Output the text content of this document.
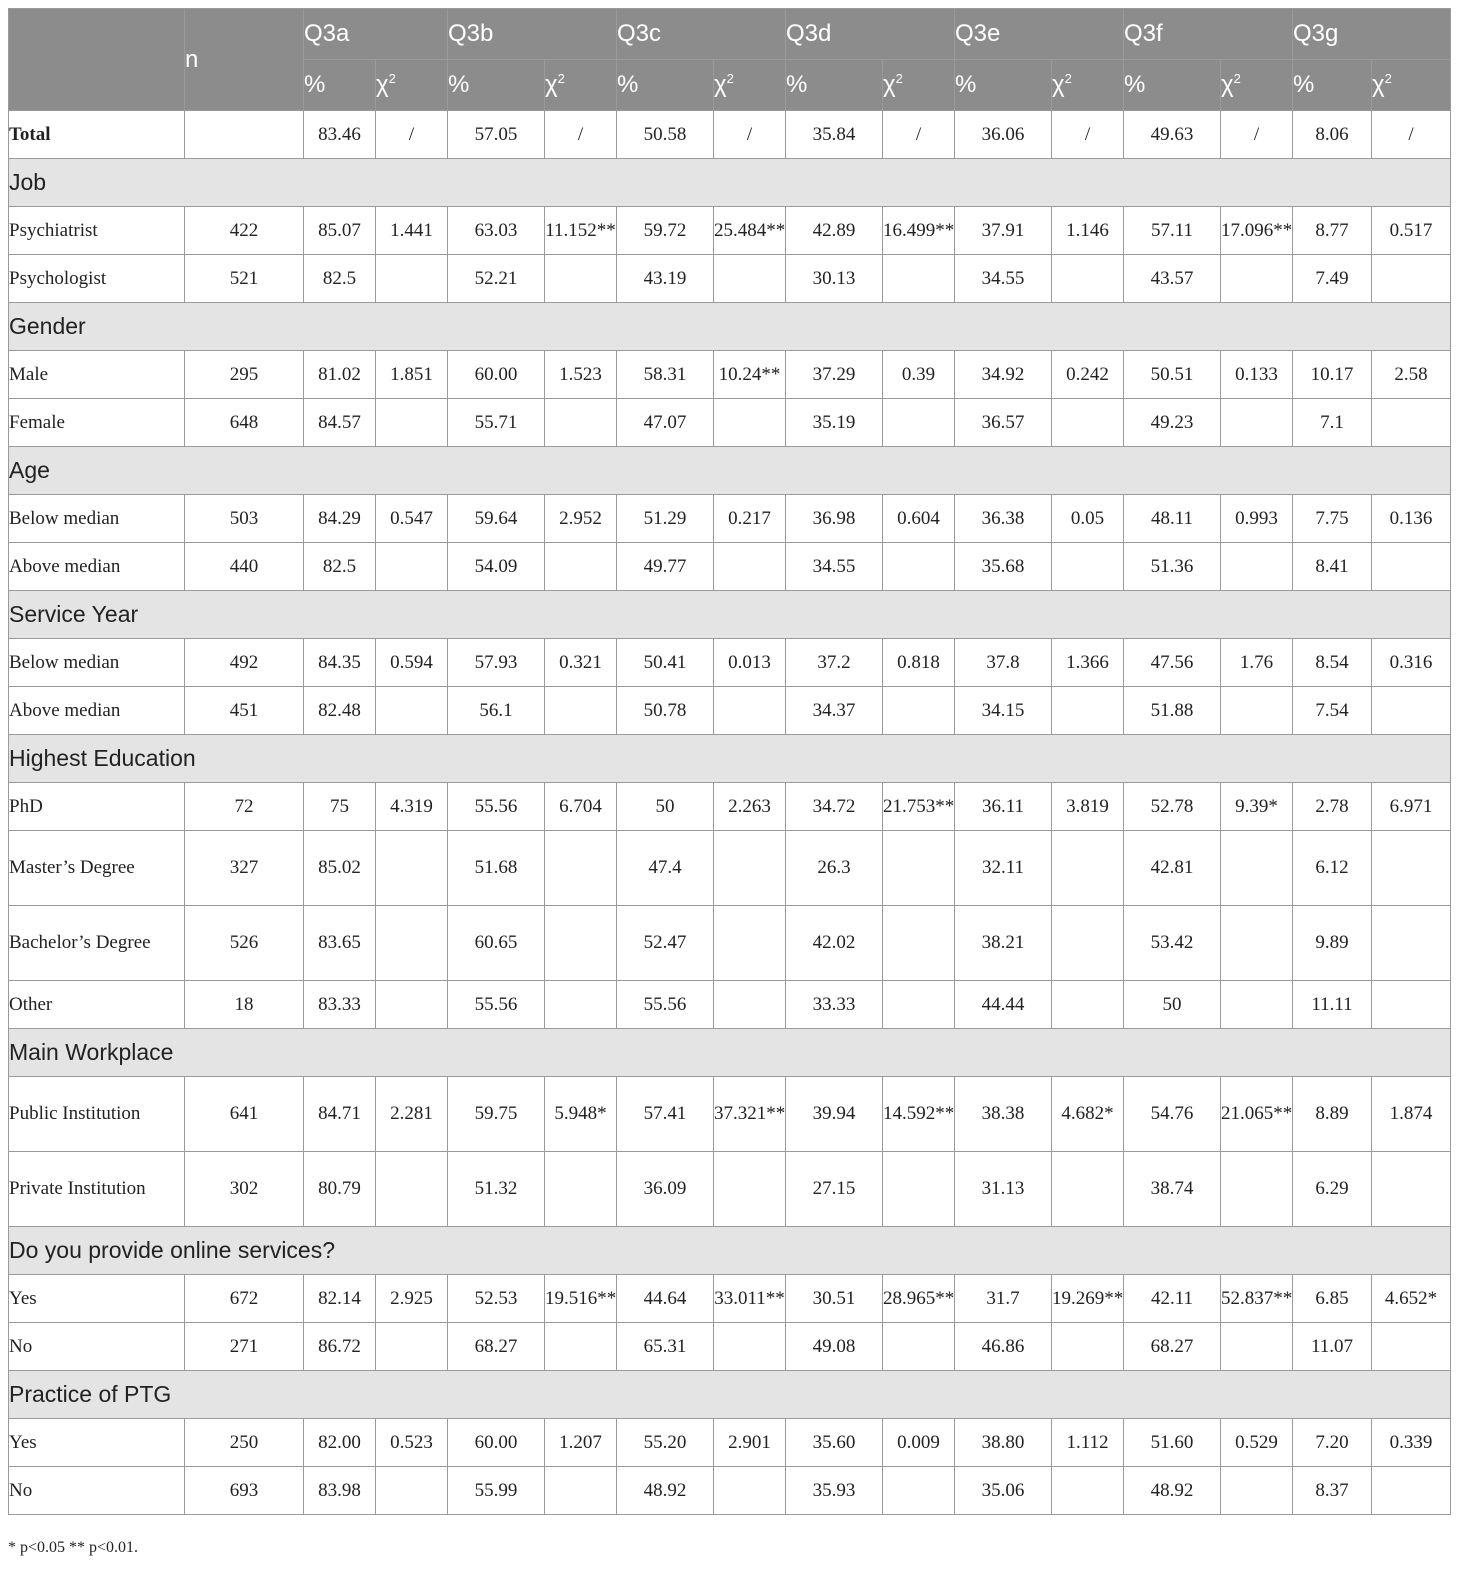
	n	Q3a		Q3b		Q3c		Q3d		Q3e		Q3f		Q3g	
		%	$\chi^2$	%	$\chi^2$	%	$\chi^2$	%	$\chi^2$	%	$\chi^2$	%	$\chi^2$	%	$\chi^2$
Total		83.46	/	57.05	/	50.58	/	35.84	/	36.06	/	49.63	/	8.06	/
Job															
Psychiatrist	422	85.07	1.441	63.03	11.152**	59.72	25.484**	42.89	16.499**	37.91	1.146	57.11	17.096**	8.77	0.517
Psychologist	521	82.5		52.21		43.19		30.13		34.55		43.57		7.49	
Gender															
Male	295	81.02	1.851	60.00	1.523	58.31	10.24**	37.29	0.39	34.92	0.242	50.51	0.133	10.17	2.58
Female	648	84.57		55.71		47.07		35.19		36.57		49.23		7.1	
Age															
Below median	503	84.29	0.547	59.64	2.952	51.29	0.217	36.98	0.604	36.38	0.05	48.11	0.993	7.75	0.136
Above median	440	82.5		54.09		49.77		34.55		35.68		51.36		8.41	
Service Year															
Below median	492	84.35	0.594	57.93	0.321	50.41	0.013	37.2	0.818	37.8	1.366	47.56	1.76	8.54	0.316
Above median	451	82.48		56.1		50.78		34.37		34.15		51.88		7.54	
Highest Education															
PhD	72	75	4.319	55.56	6.704	50	2.263	34.72	21.753**	36.11	3.819	52.78	9.39*	2.78	6.971
Master’s Degree	327	85.02		51.68		47.4		26.3		32.11		42.81		6.12	
Bachelor’s Degree	526	83.65		60.65		52.47		42.02		38.21		53.42		9.89	
Other	18	83.33		55.56		55.56		33.33		44.44		50		11.11	
Main Workplace															
Public Institution	641	84.71	2.281	59.75	5.948*	57.41	37.321**	39.94	14.592**	38.38	4.682*	54.76	21.065**	8.89	1.874
Private Institution	302	80.79		51.32		36.09		27.15		31.13		38.74		6.29	
Do you provide online services?															
Yes	672	82.14	2.925	52.53	19.516**	44.64	33.011**	30.51	28.965**	31.7	19.269**	42.11	52.837**	6.85	4.652*
No	271	86.72		68.27		65.31		49.08		46.86		68.27		11.07	
Practice of PTG															
Yes	250	82.00	0.523	60.00	1.207	55.20	2.901	35.60	0.009	38.80	1.112	51.60	0.529	7.20	0.339
No	693	83.98		55.99		48.92		35.93		35.06		48.92		8.37	
* p<0.05 ** p<0.01.
